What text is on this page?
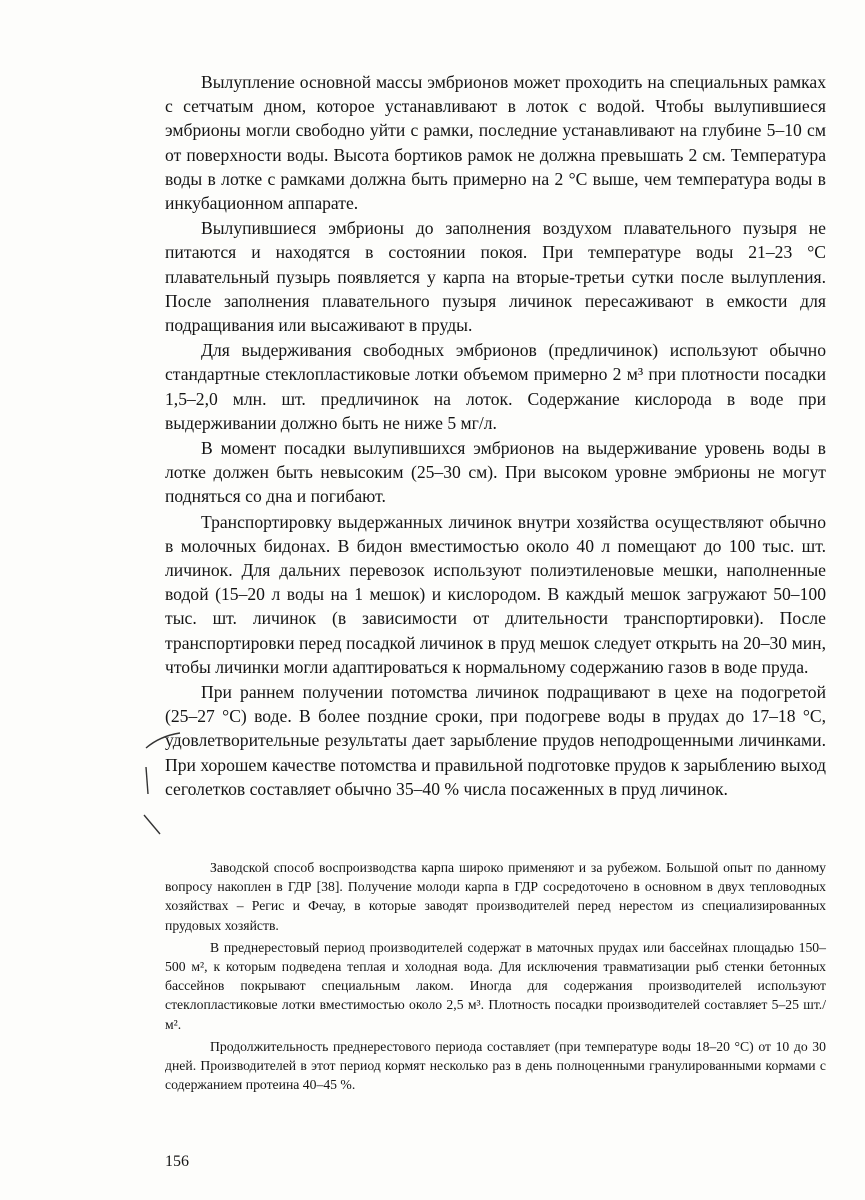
Вылупление основной массы эмбрионов может проходить на специальных рамках с сетчатым дном, которое устанавливают в лоток с водой. Чтобы вылупившиеся эмбрионы могли свободно уйти с рамки, последние устанавливают на глубине 5–10 см от поверхности воды. Высота бортиков рамок не должна превышать 2 см. Температура воды в лотке с рамками должна быть примерно на 2 °С выше, чем температура воды в инкубационном аппарате.

Вылупившиеся эмбрионы до заполнения воздухом плавательного пузыря не питаются и находятся в состоянии покоя. При температуре воды 21–23 °С плавательный пузырь появляется у карпа на вторые-третьи сутки после вылупления. После заполнения плавательного пузыря личинок пересаживают в емкости для подращивания или высаживают в пруды.

Для выдерживания свободных эмбрионов (предличинок) используют обычно стандартные стеклопластиковые лотки объемом примерно 2 м³ при плотности посадки 1,5–2,0 млн. шт. предличинок на лоток. Содержание кислорода в воде при выдерживании должно быть не ниже 5 мг/л.

В момент посадки вылупившихся эмбрионов на выдерживание уровень воды в лотке должен быть невысоким (25–30 см). При высоком уровне эмбрионы не могут подняться со дна и погибают.

Транспортировку выдержанных личинок внутри хозяйства осуществляют обычно в молочных бидонах. В бидон вместимостью около 40 л помещают до 100 тыс. шт. личинок. Для дальних перевозок используют полиэтиленовые мешки, наполненные водой (15–20 л воды на 1 мешок) и кислородом. В каждый мешок загружают 50–100 тыс. шт. личинок (в зависимости от длительности транспортировки). После транспортировки перед посадкой личинок в пруд мешок следует открыть на 20–30 мин, чтобы личинки могли адаптироваться к нормальному содержанию газов в воде пруда.

При раннем получении потомства личинок подращивают в цехе на подогретой (25–27 °С) воде. В более поздние сроки, при подогреве воды в прудах до 17–18 °С, удовлетворительные результаты дает зарыбление прудов неподрощенными личинками. При хорошем качестве потомства и правильной подготовке прудов к зарыблению выход сеголетков составляет обычно 35–40 % числа посаженных в пруд личинок.

Заводской способ воспроизводства карпа широко применяют и за рубежом. Большой опыт по данному вопросу накоплен в ГДР [38]. Получение молоди карпа в ГДР сосредоточено в основном в двух тепловодных хозяйствах – Регис и Фечау, в которые заводят производителей перед нерестом из специализированных прудовых хозяйств.

В преднерестовый период производителей содержат в маточных прудах или бассейнах площадью 150–500 м², к которым подведена теплая и холодная вода. Для исключения травматизации рыб стенки бетонных бассейнов покрывают специальным лаком. Иногда для содержания производителей используют стеклопластиковые лотки вместимостью около 2,5 м³. Плотность посадки производителей составляет 5–25 шт./м².

Продолжительность преднерестового периода составляет (при температуре воды 18–20 °С) от 10 до 30 дней. Производителей в этот период кормят несколько раз в день полноценными гранулированными кормами с содержанием протеина 40–45 %.

156
